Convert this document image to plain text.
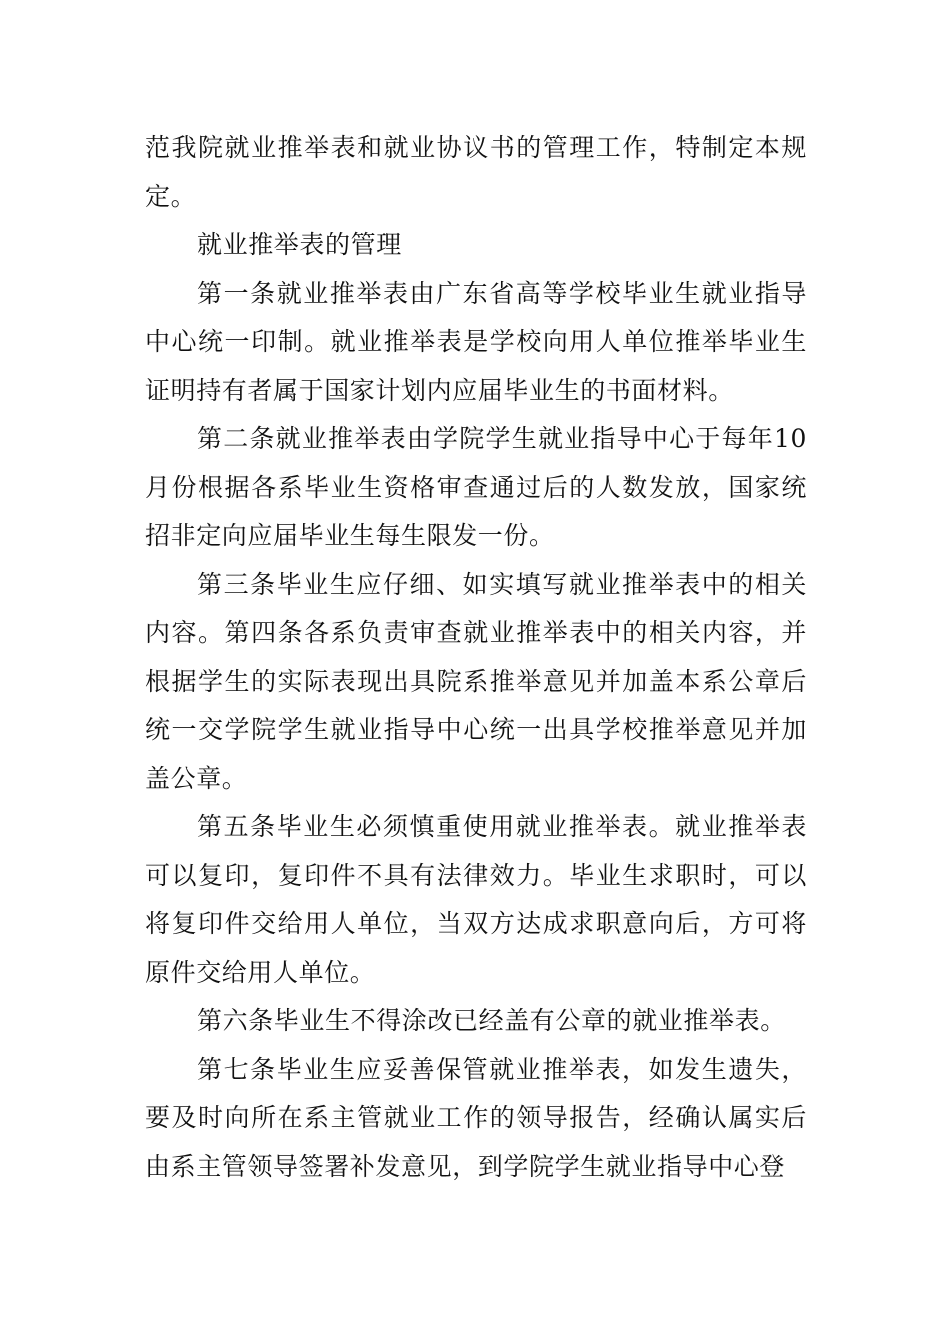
范我院就业推举表和就业协议书的管理工作，特制定本规定。

就业推举表的管理

第一条就业推举表由广东省高等学校毕业生就业指导中心统一印制。就业推举表是学校向用人单位推举毕业生证明持有者属于国家计划内应届毕业生的书面材料。

第二条就业推举表由学院学生就业指导中心于每年10月份根据各系毕业生资格审查通过后的人数发放，国家统招非定向应届毕业生每生限发一份。

第三条毕业生应仔细、如实填写就业推举表中的相关内容。第四条各系负责审查就业推举表中的相关内容，并根据学生的实际表现出具院系推举意见并加盖本系公章后统一交学院学生就业指导中心统一出具学校推举意见并加盖公章。

第五条毕业生必须慎重使用就业推举表。就业推举表可以复印，复印件不具有法律效力。毕业生求职时，可以将复印件交给用人单位，当双方达成求职意向后，方可将原件交给用人单位。

第六条毕业生不得涂改已经盖有公章的就业推举表。

第七条毕业生应妥善保管就业推举表，如发生遗失，要及时向所在系主管就业工作的领导报告，经确认属实后由系主管领导签署补发意见，到学院学生就业指导中心登
